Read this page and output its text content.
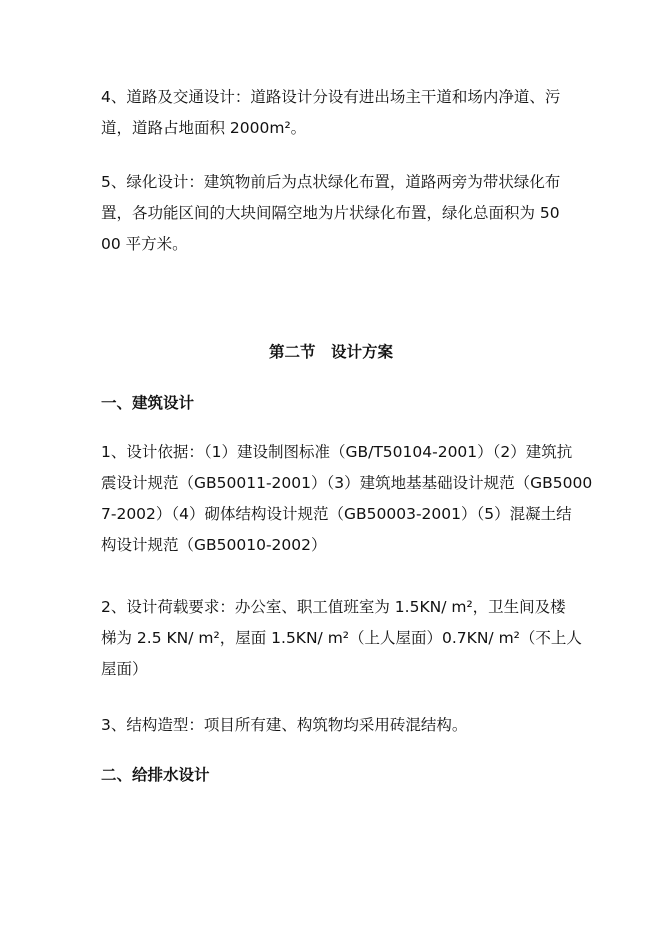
4、道路及交通设计：道路设计分设有进出场主干道和场内净道、污
道，道路占地面积 2000m²。

5、绿化设计：建筑物前后为点状绿化布置，道路两旁为带状绿化布
置，各功能区间的大块间隔空地为片状绿化布置，绿化总面积为 50
00 平方米。

第二节　设计方案
一、建筑设计

1、设计依据：（1）建设制图标准（GB/T50104-2001）（2）建筑抗
震设计规范（GB50011-2001）（3）建筑地基基础设计规范（GB5000
7-2002）（4）砌体结构设计规范（GB50003-2001）（5）混凝土结
构设计规范（GB50010-2002）

2、设计荷载要求：办公室、职工值班室为 1.5KN/ m²，卫生间及楼
梯为 2.5 KN/ m²，屋面 1.5KN/ m²（上人屋面）0.7KN/ m²（不上人
屋面）

3、结构造型：项目所有建、构筑物均采用砖混结构。

二、给排水设计
